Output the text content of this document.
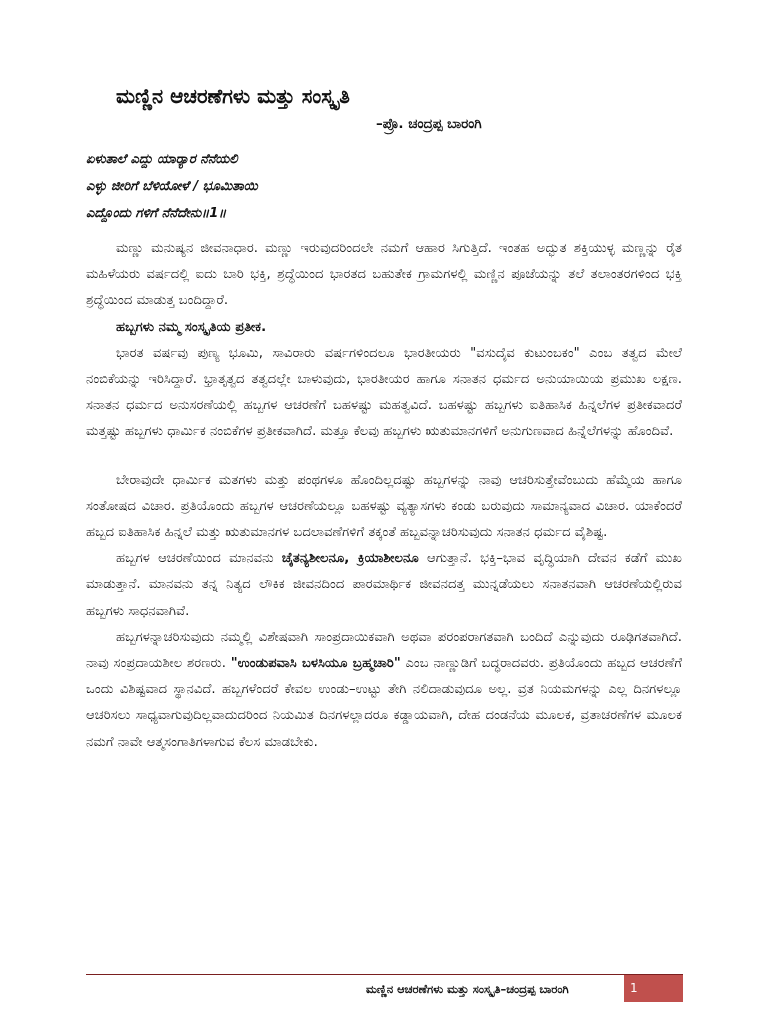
ಮಣ್ಣಿನ ಆಚರಣೆಗಳು ಮತ್ತು ಸಂಸ್ಕೃತಿ
–ಪ್ರೊ. ಚಂದ್ರಪ್ಪ ಬಾರಂಗಿ
ಏಳುತಾಲೆ ಎದ್ದು ಯಾರ್‍ಯಾರ ನೆನೆಯಲಿ
ಎಳ್ಳು ಜೀರಿಗೆ ಬೆಳಿಯೋಳೆ / ಭೂಮಿತಾಯಿ
ಎದ್ದೊಂದು ಗಳಿಗೆ ನೆನೆದೇನು॥1॥

ಮಣ್ಣು ಮನುಷ್ಯನ ಜೀವನಾಧಾರ. ಮಣ್ಣು ಇರುವುದರಿಂದಲೇ ನಮಗೆ ಆಹಾರ ಸಿಗುತ್ತಿದೆ. ಇಂತಹ ಅದ್ಭುತ ಶಕ್ತಿಯುಳ್ಳ ಮಣ್ಣನ್ನು ರೈತ ಮಹಿಳೆಯರು ವರ್ಷದಲ್ಲಿ ಐದು ಬಾರಿ ಭಕ್ತಿ, ಶ್ರದ್ಧೆಯಿಂದ ಭಾರತದ ಬಹುತೇಕ ಗ್ರಾಮಗಳಲ್ಲಿ ಮಣ್ಣಿನ ಪೂಜೆಯನ್ನು ತಲೆ ತಲಾಂತರಗಳಿಂದ ಭಕ್ತಿ ಶ್ರದ್ಧೆಯಿಂದ ಮಾಡುತ್ತ ಬಂದಿದ್ದಾರೆ.

ಹಬ್ಬಗಳು ನಮ್ಮ ಸಂಸ್ಕೃತಿಯ ಪ್ರತೀಕ.

ಭಾರತ ವರ್ಷವು ಪುಣ್ಯ ಭೂಮಿ, ಸಾವಿರಾರು ವರ್ಷಗಳಿಂದಲೂ ಭಾರತೀಯರು "ವಸುದೈವ ಕುಟುಂಬಕಂ" ಎಂಬ ತತ್ವದ ಮೇಲೆ ನಂಬಿಕೆಯನ್ನು ಇರಿಸಿದ್ದಾರೆ. ಭ್ರಾತೃತ್ವದ ತತ್ವದಲ್ಲೇ ಬಾಳುವುದು, ಭಾರತೀಯರ ಹಾಗೂ ಸನಾತನ ಧರ್ಮದ ಅನುಯಾಯಿಯ ಪ್ರಮುಖ ಲಕ್ಷಣ. ಸನಾತನ ಧರ್ಮದ ಅನುಸರಣೆಯಲ್ಲಿ ಹಬ್ಬಗಳ ಆಚರಣೆಗೆ ಬಹಳಷ್ಟು ಮಹತ್ವವಿದೆ. ಬಹಳಷ್ಟು ಹಬ್ಬಗಳು ಐತಿಹಾಸಿಕ ಹಿನ್ನಲೆಗಳ ಪ್ರತೀಕವಾದರೆ ಮತ್ತಷ್ಟು ಹಬ್ಬಗಳು ಧಾರ್ಮಿಕ ನಂಬಿಕೆಗಳ ಪ್ರತೀಕವಾಗಿದೆ. ಮತ್ತೂ ಕೆಲವು ಹಬ್ಬಗಳು ಋತುಮಾನಗಳಿಗೆ ಅನುಗುಣವಾದ ಹಿನ್ನೆಲೆಗಳನ್ನು ಹೊಂದಿವೆ.

ಬೇರಾವುದೇ ಧಾರ್ಮಿಕ ಮತಗಳು ಮತ್ತು ಪಂಥಗಳೂ ಹೊಂದಿಲ್ಲದಷ್ಟು ಹಬ್ಬಗಳನ್ನು ನಾವು ಆಚರಿಸುತ್ತೇವೆಂಬುದು ಹೆಮ್ಮೆಯ ಹಾಗೂ ಸಂತೋಷದ ವಿಚಾರ. ಪ್ರತಿಯೊಂದು ಹಬ್ಬಗಳ ಆಚರಣೆಯಲ್ಲೂ ಬಹಳಷ್ಟು ವ್ಯತ್ಯಾಸಗಳು ಕಂಡು ಬರುವುದು ಸಾಮಾನ್ಯವಾದ ವಿಚಾರ. ಯಾಕೆಂದರೆ ಹಬ್ಬದ ಐತಿಹಾಸಿಕ ಹಿನ್ನಲೆ ಮತ್ತು ಋತುಮಾನಗಳ ಬದಲಾವಣೆಗಳಿಗೆ ತಕ್ಕಂತೆ ಹಬ್ಬವನ್ನಾಚರಿಸುವುದು ಸನಾತನ ಧರ್ಮದ ವೈಶಿಷ್ಟ.

ಹಬ್ಬಗಳ ಆಚರಣೆಯಿಂದ ಮಾನವನು ಚೈತನ್ಯಶೀಲನೂ, ಕ್ರಿಯಾಶೀಲನೂ ಆಗುತ್ತಾನೆ. ಭಕ್ತಿ–ಭಾವ ವೃದ್ಧಿಯಾಗಿ ದೇವನ ಕಡೆಗೆ ಮುಖ ಮಾಡುತ್ತಾನೆ. ಮಾನವನು ತನ್ನ ನಿತ್ಯದ ಲೌಕಿಕ ಜೀವನದಿಂದ ಪಾರಮಾರ್ಥಿಕ ಜೀವನದತ್ತ ಮುನ್ನಡೆಯಲು ಸನಾತನವಾಗಿ ಆಚರಣೆಯಲ್ಲಿರುವ ಹಬ್ಬಗಳು ಸಾಧನವಾಗಿವೆ.

ಹಬ್ಬಗಳನ್ನಾಚರಿಸುವುದು ನಮ್ಮಲ್ಲಿ ವಿಶೇಷವಾಗಿ ಸಾಂಪ್ರದಾಯಿಕವಾಗಿ ಅಥವಾ ಪರಂಪರಾಗತವಾಗಿ ಬಂದಿದೆ ಎನ್ನುವುದು ರೂಢಿಗತವಾಗಿದೆ. ನಾವು ಸಂಪ್ರದಾಯಶೀಲ ಶರಣರು. "ಉಂಡುಪವಾಸಿ ಬಳಸಿಯೂ ಬ್ರಹ್ಮಚಾರಿ" ಎಂಬ ನಾಣ್ಣುಡಿಗೆ ಬದ್ಧರಾದವರು. ಪ್ರತಿಯೊಂದು ಹಬ್ಬದ ಆಚರಣೆಗೆ ಒಂದು ವಿಶಿಷ್ಟವಾದ ಸ್ಥಾನವಿದೆ. ಹಬ್ಬಗಳೆಂದರೆ ಕೇವಲ ಉಂಡು–ಉಟ್ಟು ತೇಗಿ ನಲಿದಾಡುವುದೂ ಅಲ್ಲ. ವ್ರತ ನಿಯಮಗಳನ್ನು ಎಲ್ಲ ದಿನಗಳಲ್ಲೂ ಆಚರಿಸಲು ಸಾಧ್ಯವಾಗುವುದಿಲ್ಲವಾದುದರಿಂದ ನಿಯಮಿತ ದಿನಗಳಲ್ಲಾದರೂ ಕಡ್ಡಾಯವಾಗಿ, ದೇಹ ದಂಡನೆಯ ಮೂಲಕ, ವ್ರತಾಚರಣೆಗಳ ಮೂಲಕ ನಮಗೆ ನಾವೇ ಆತ್ಮಸಂಗಾತಿಗಳಾಗುವ ಕೆಲಸ ಮಾಡಬೇಕು.

ಮಣ್ಣಿನ ಆಚರಣೆಗಳು ಮತ್ತು ಸಂಸ್ಕೃತಿ–ಚಂದ್ರಪ್ಪ ಬಾರಂಗಿ	1
